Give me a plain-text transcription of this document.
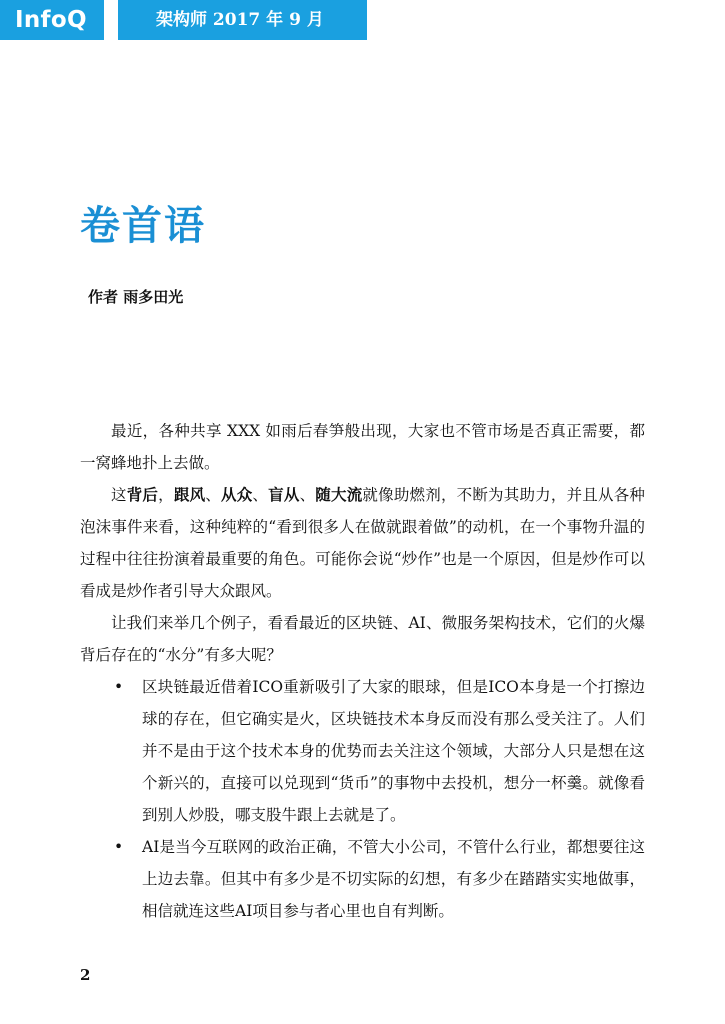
InfoQ	架构师 2017 年 9 月
卷首语
作者 雨多田光

最近，各种共享 XXX 如雨后春笋般出现，大家也不管市场是否真正需要，都一窝蜂地扑上去做。

这背后，跟风、从众、盲从、随大流就像助燃剂，不断为其助力，并且从各种泡沫事件来看，这种纯粹的“看到很多人在做就跟着做”的动机，在一个事物升温的过程中往往扮演着最重要的角色。可能你会说“炒作”也是一个原因，但是炒作可以看成是炒作者引导大众跟风。

让我们来举几个例子，看看最近的区块链、AI、微服务架构技术，它们的火爆背后存在的“水分”有多大呢？

• 区块链最近借着ICO重新吸引了大家的眼球，但是ICO本身是一个打擦边球的存在，但它确实是火，区块链技术本身反而没有那么受关注了。人们并不是由于这个技术本身的优势而去关注这个领域，大部分人只是想在这个新兴的，直接可以兑现到“货币”的事物中去投机，想分一杯羹。就像看到别人炒股，哪支股牛跟上去就是了。
• AI是当今互联网的政治正确，不管大小公司，不管什么行业，都想要往这上边去靠。但其中有多少是不切实际的幻想，有多少在踏踏实实地做事，相信就连这些AI项目参与者心里也自有判断。
2
